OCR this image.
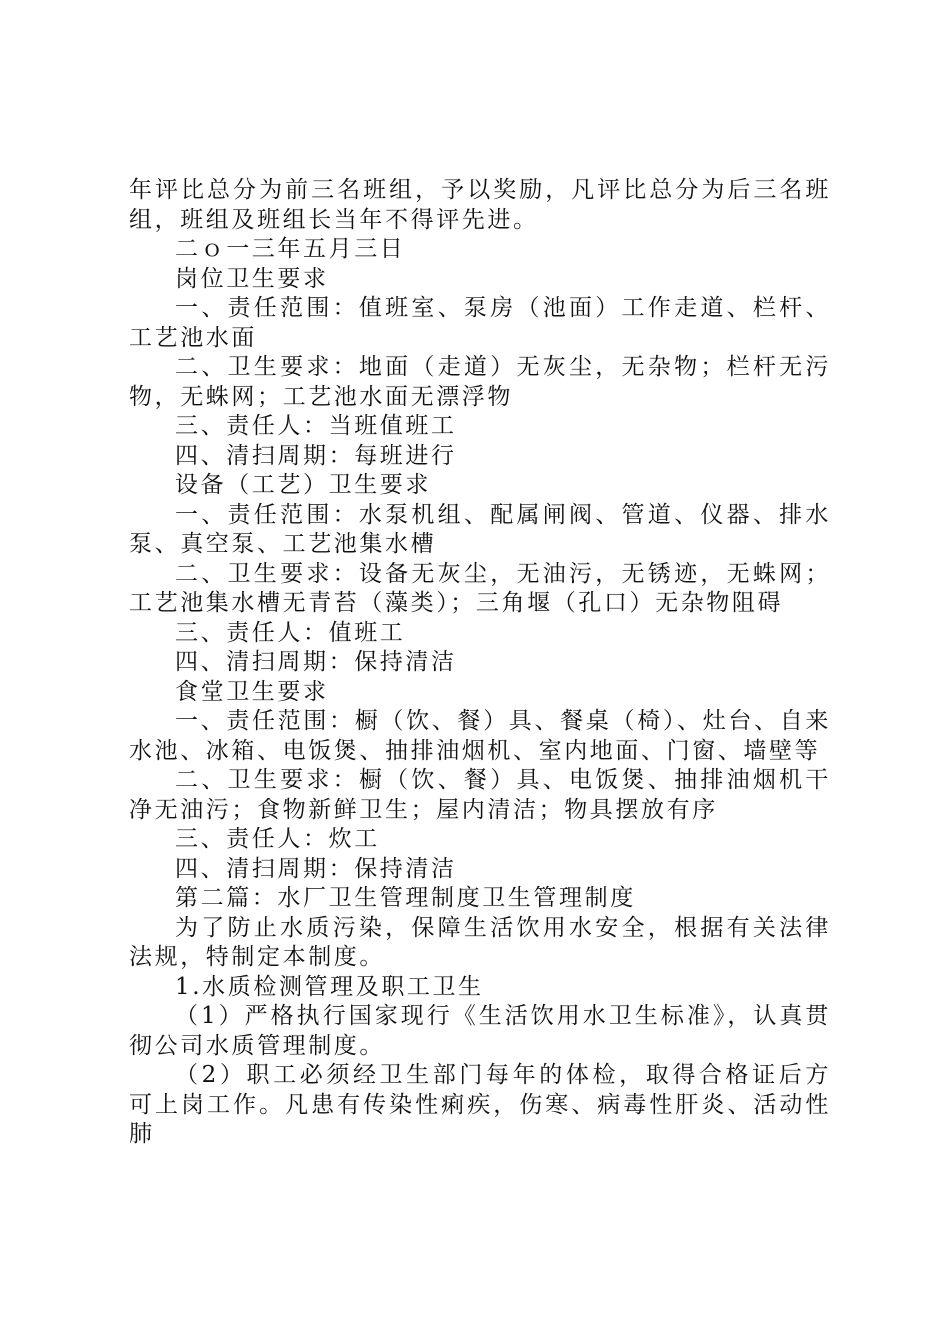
年评比总分为前三名班组，予以奖励，凡评比总分为后三名班组，班组及班组长当年不得评先进。

二ｏ一三年五月三日

岗位卫生要求

一、责任范围：值班室、泵房（池面）工作走道、栏杆、工艺池水面

二、卫生要求：地面（走道）无灰尘，无杂物；栏杆无污物，无蛛网；工艺池水面无漂浮物

三、责任人：当班值班工

四、清扫周期：每班进行

设备（工艺）卫生要求

一、责任范围：水泵机组、配属闸阀、管道、仪器、排水泵、真空泵、工艺池集水槽

二、卫生要求：设备无灰尘，无油污，无锈迹，无蛛网；工艺池集水槽无青苔（藻类）；三角堰（孔口）无杂物阻碍

三、责任人：值班工

四、清扫周期：保持清洁

食堂卫生要求

一、责任范围：橱（饮、餐）具、餐桌（椅）、灶台、自来水池、冰箱、电饭煲、抽排油烟机、室内地面、门窗、墙壁等

二、卫生要求：橱（饮、餐）具、电饭煲、抽排油烟机干净无油污；食物新鲜卫生；屋内清洁；物具摆放有序

三、责任人：炊工

四、清扫周期：保持清洁

第二篇：水厂卫生管理制度卫生管理制度

为了防止水质污染，保障生活饮用水安全，根据有关法律法规，特制定本制度。

1.水质检测管理及职工卫生

（1）严格执行国家现行《生活饮用水卫生标准》，认真贯彻公司水质管理制度。

（2）职工必须经卫生部门每年的体检，取得合格证后方可上岗工作。凡患有传染性痢疾，伤寒、病毒性肝炎、活动性肺
